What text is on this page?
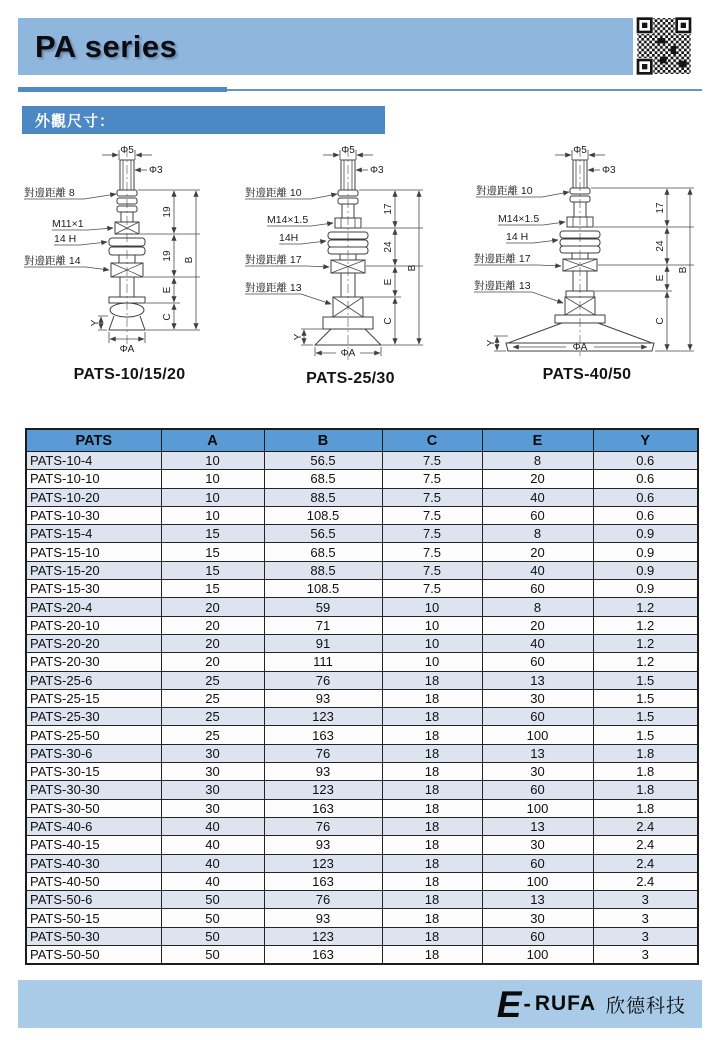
PA series
外觀尺寸：
Φ5
Φ3
ΦA
Y
19
19
E
C
B
對邊距離 8
M11×1
14 H
對邊距離 14
PATS-10/15/20
Φ5
Φ3
ΦA
Y
17
24
E
C
B
對邊距離 10
M14×1.5
14H
對邊距離 17
對邊距離 13
PATS-25/30
Φ5
Φ3
ΦA
Y
17
24
E
C
B
對邊距離 10
M14×1.5
14 H
對邊距離 17
對邊距離 13
PATS-40/50
PATS	A	B	C	E	Y
PATS-10-4	10	56.5	7.5	8	0.6
PATS-10-10	10	68.5	7.5	20	0.6
PATS-10-20	10	88.5	7.5	40	0.6
PATS-10-30	10	108.5	7.5	60	0.6
PATS-15-4	15	56.5	7.5	8	0.9
PATS-15-10	15	68.5	7.5	20	0.9
PATS-15-20	15	88.5	7.5	40	0.9
PATS-15-30	15	108.5	7.5	60	0.9
PATS-20-4	20	59	10	8	1.2
PATS-20-10	20	71	10	20	1.2
PATS-20-20	20	91	10	40	1.2
PATS-20-30	20	111	10	60	1.2
PATS-25-6	25	76	18	13	1.5
PATS-25-15	25	93	18	30	1.5
PATS-25-30	25	123	18	60	1.5
PATS-25-50	25	163	18	100	1.5
PATS-30-6	30	76	18	13	1.8
PATS-30-15	30	93	18	30	1.8
PATS-30-30	30	123	18	60	1.8
PATS-30-50	30	163	18	100	1.8
PATS-40-6	40	76	18	13	2.4
PATS-40-15	40	93	18	30	2.4
PATS-40-30	40	123	18	60	2.4
PATS-40-50	40	163	18	100	2.4
PATS-50-6	50	76	18	13	3
PATS-50-15	50	93	18	30	3
PATS-50-30	50	123	18	60	3
PATS-50-50	50	163	18	100	3
E - RUFA 欣德科技
